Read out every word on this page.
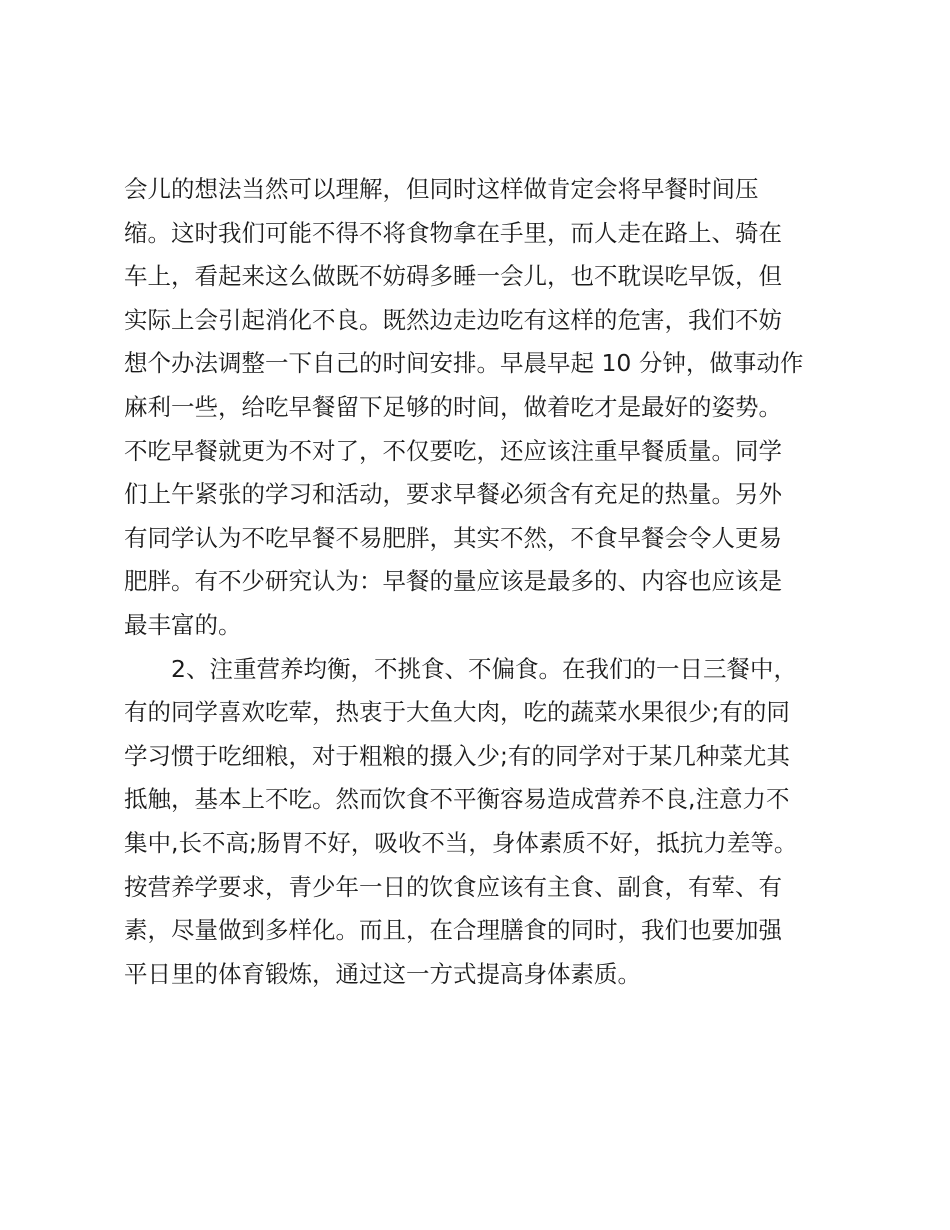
会儿的想法当然可以理解，但同时这样做肯定会将早餐时间压
缩。这时我们可能不得不将食物拿在手里，而人走在路上、骑在
车上，看起来这么做既不妨碍多睡一会儿，也不耽误吃早饭，但
实际上会引起消化不良。既然边走边吃有这样的危害，我们不妨
想个办法调整一下自己的时间安排。早晨早起 10 分钟，做事动作
麻利一些，给吃早餐留下足够的时间，做着吃才是最好的姿势。
不吃早餐就更为不对了，不仅要吃，还应该注重早餐质量。同学
们上午紧张的学习和活动，要求早餐必须含有充足的热量。另外
有同学认为不吃早餐不易肥胖，其实不然，不食早餐会令人更易
肥胖。有不少研究认为：早餐的量应该是最多的、内容也应该是
最丰富的。
2、注重营养均衡，不挑食、不偏食。在我们的一日三餐中，
有的同学喜欢吃荤，热衷于大鱼大肉，吃的蔬菜水果很少;有的同
学习惯于吃细粮，对于粗粮的摄入少;有的同学对于某几种菜尤其
抵触，基本上不吃。然而饮食不平衡容易造成营养不良,注意力不
集中,长不高;肠胃不好，吸收不当，身体素质不好，抵抗力差等。
按营养学要求，青少年一日的饮食应该有主食、副食，有荤、有
素，尽量做到多样化。而且，在合理膳食的同时，我们也要加强
平日里的体育锻炼，通过这一方式提高身体素质。
